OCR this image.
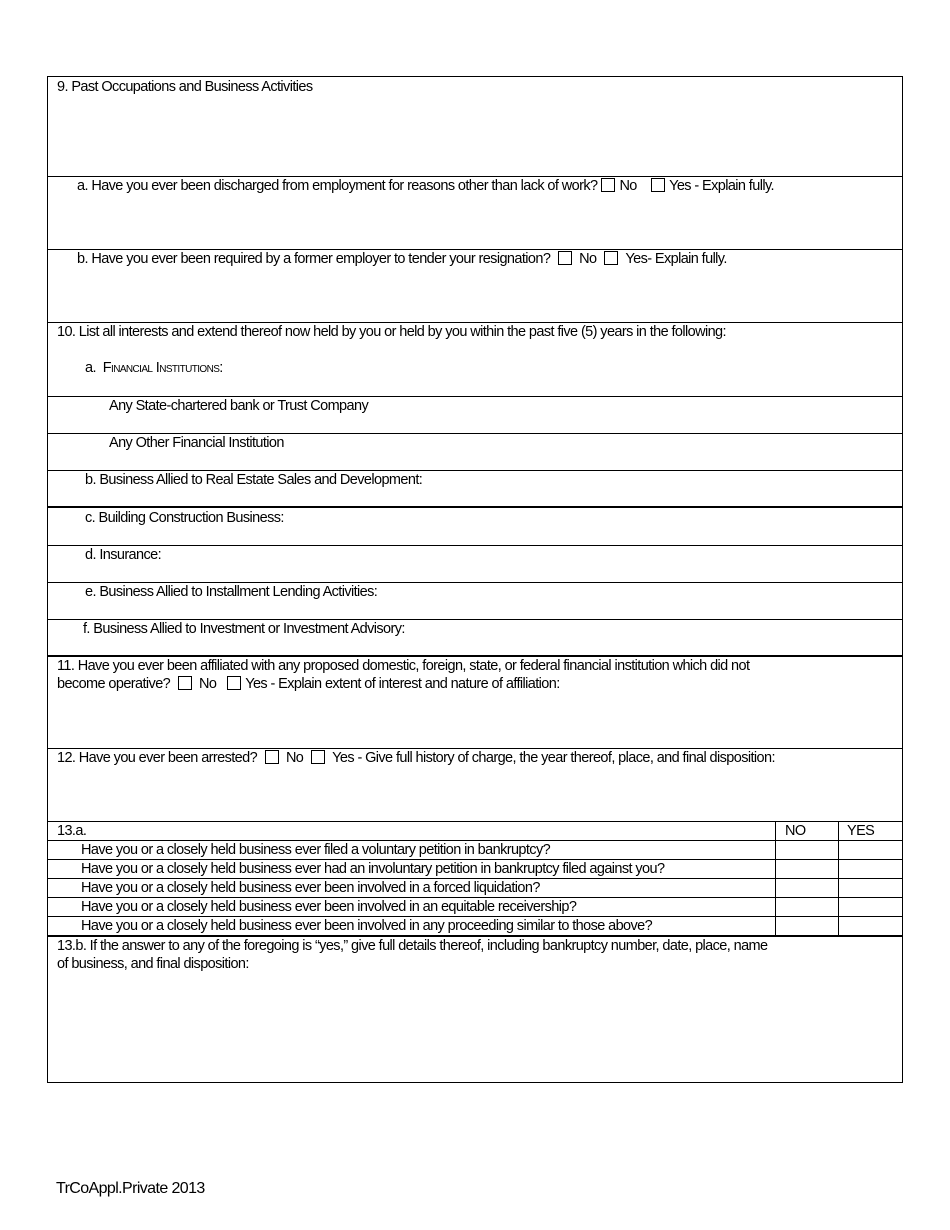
9. Past Occupations and Business Activities
a. Have you ever been discharged from employment for reasons other than lack of work? No Yes - Explain fully.
b. Have you ever been required by a former employer to tender your resignation? No Yes- Explain fully.
10. List all interests and extend thereof now held by you or held by you within the past five (5) years in the following:
a. Financial Institutions:
Any State-chartered bank or Trust Company
Any Other Financial Institution
b. Business Allied to Real Estate Sales and Development:
c. Building Construction Business:
d. Insurance:
e. Business Allied to Installment Lending Activities:
f. Business Allied to Investment or Investment Advisory:
11. Have you ever been affiliated with any proposed domestic, foreign, state, or federal financial institution which did not
become operative? No Yes - Explain extent of interest and nature of affiliation:
12. Have you ever been arrested? No Yes - Give full history of charge, the year thereof, place, and final disposition:
13.a.	NO	YES
Have you or a closely held business ever filed a voluntary petition in bankruptcy?
Have you or a closely held business ever had an involuntary petition in bankruptcy filed against you?
Have you or a closely held business ever been involved in a forced liquidation?
Have you or a closely held business ever been involved in an equitable receivership?
Have you or a closely held business ever been involved in any proceeding similar to those above?
13.b. If the answer to any of the foregoing is “yes,” give full details thereof, including bankruptcy number, date, place, name
of business, and final disposition:
TrCoAppl.Private 2013
